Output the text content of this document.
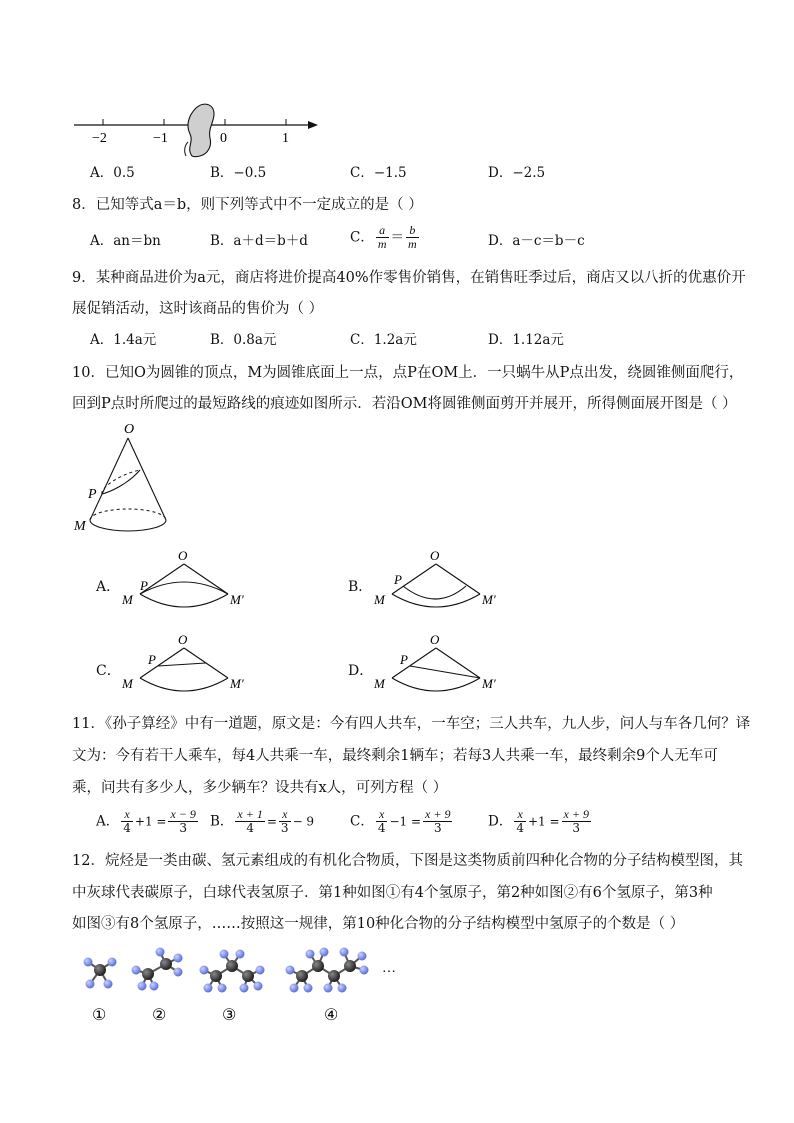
−2	−1	0	1
A．0.5	B．−0.5	C．−1.5	D．−2.5
8．已知等式a＝b，则下列等式中不一定成立的是（ ）
A．an＝bn	B．a＋d＝b＋d	C． $\frac{a}{m} = \frac{b}{m}$	D．a－c＝b－c
9．某种商品进价为a元，商店将进价提高40%作零售价销售，在销售旺季过后，商店又以八折的优惠价开
展促销活动，这时该商品的售价为（ ）
A．1.4a元	B．0.8a元	C．1.2a元	D．1.12a元
10．已知O为圆锥的顶点，M为圆锥底面上一点，点P在OM上．一只蜗牛从P点出发，绕圆锥侧面爬行，
回到P点时所爬过的最短路线的痕迹如图所示．若沿OM将圆锥侧面剪开并展开，所得侧面展开图是（ ）
O
P
M
A．
O
P
M	M′
B．
O
P
M	M′
C．
O
P
M	M′
D．
O
P
M	M′
11．《孙子算经》中有一道题，原文是：今有四人共车，一车空；三人共车，九人步，问人与车各几何？译
文为：今有若干人乘车，每4人共乘一车，最终剩余1辆车；若每3人共乘一车，最终剩余9个人无车可
乘，问共有多少人，多少辆车？设共有x人，可列方程（ ）
A． $\frac{x}{4} +1 = \frac{x - 9}{3}$ B． $\frac{x + 1}{4} = \frac{x}{3} - 9$	C． $\frac{x}{4} -1 = \frac{x + 9}{3}$	D． $\frac{x}{4} +1 = \frac{x + 9}{3}$
12．烷烃是一类由碳、氢元素组成的有机化合物质，下图是这类物质前四种化合物的分子结构模型图，其
中灰球代表碳原子，白球代表氢原子．第1种如图①有4个氢原子，第2种如图②有6个氢原子，第3种
如图③有8个氢原子，……按照这一规律，第10种化合物的分子结构模型中氢原子的个数是（ ）
…
①	②	③	④
